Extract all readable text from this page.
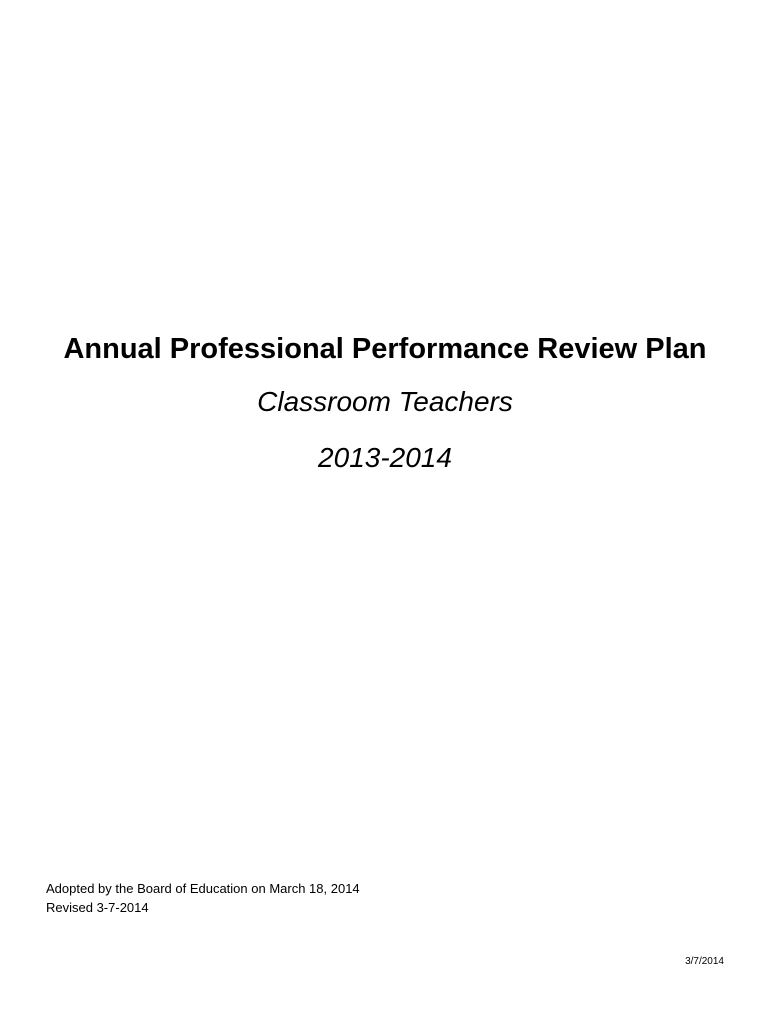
Annual Professional Performance Review Plan
Classroom Teachers
2013-2014
Adopted by the Board of Education on March 18, 2014
Revised 3-7-2014
3/7/2014
